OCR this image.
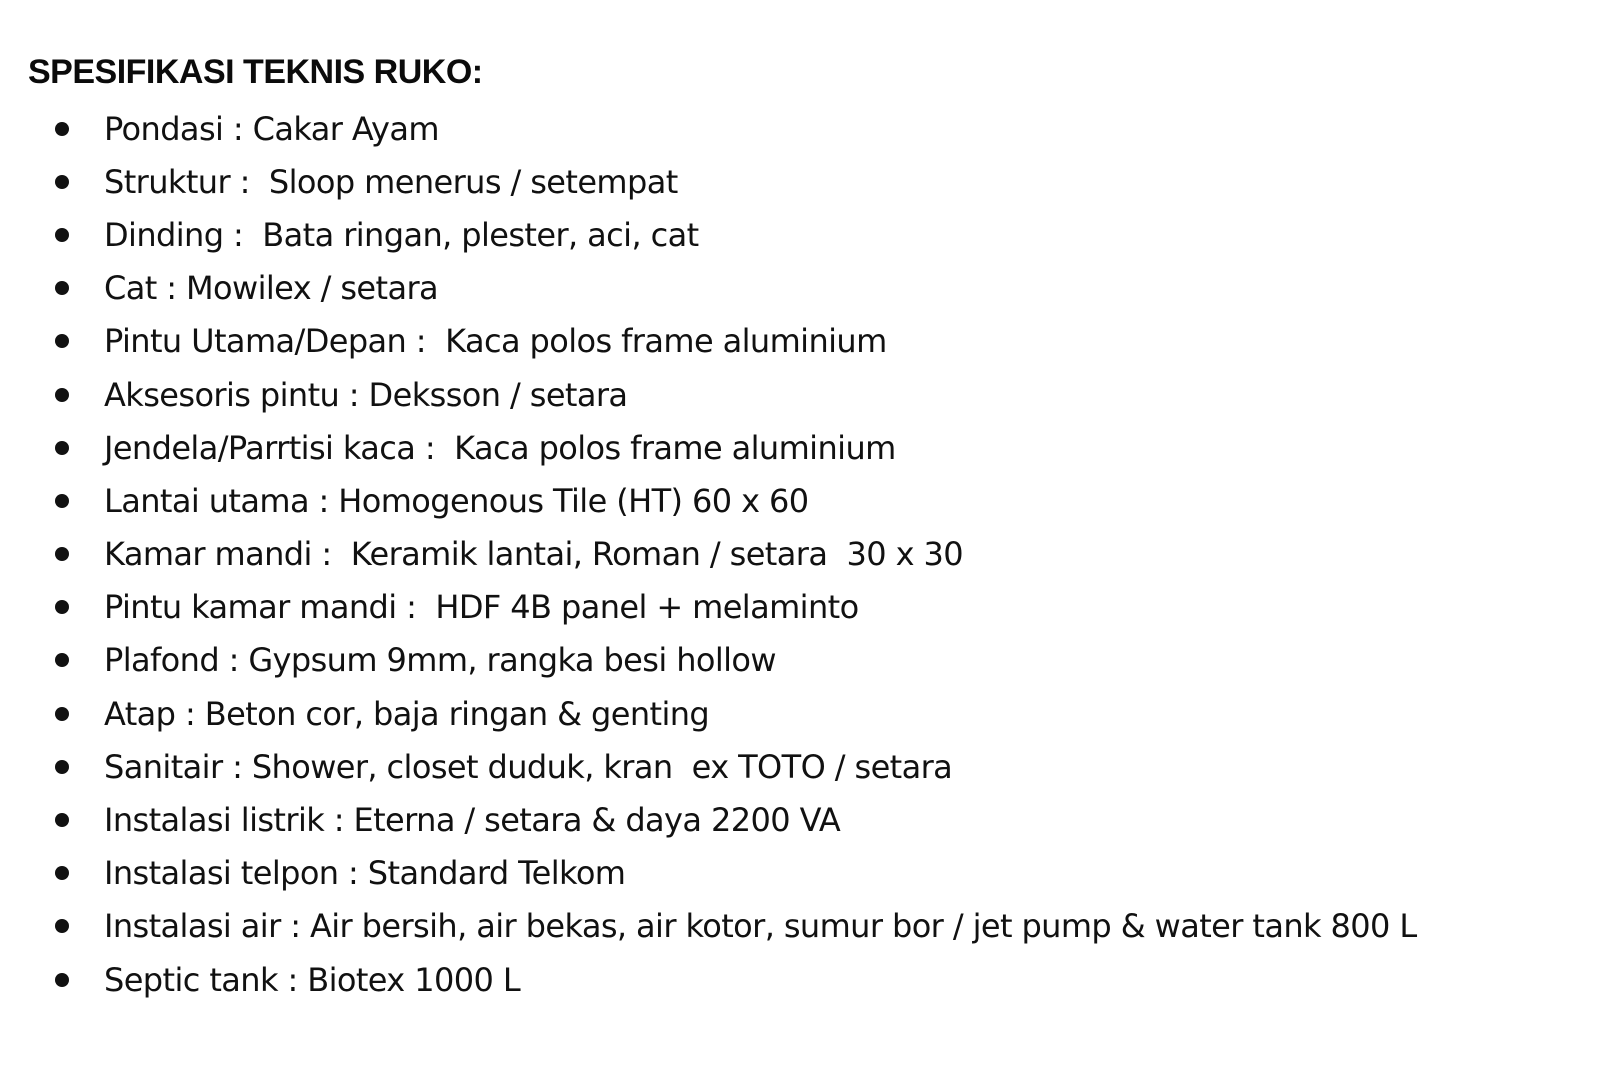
SPESIFIKASI TEKNIS RUKO:
Pondasi : Cakar Ayam
Struktur :  Sloop menerus / setempat
Dinding :  Bata ringan, plester, aci, cat
Cat : Mowilex / setara
Pintu Utama/Depan :  Kaca polos frame aluminium
Aksesoris pintu : Deksson / setara
Jendela/Parrtisi kaca :  Kaca polos frame aluminium
Lantai utama : Homogenous Tile (HT) 60 x 60
Kamar mandi :  Keramik lantai, Roman / setara  30 x 30
Pintu kamar mandi :  HDF 4B panel + melaminto
Plafond : Gypsum 9mm, rangka besi hollow
Atap : Beton cor, baja ringan & genting
Sanitair : Shower, closet duduk, kran  ex TOTO / setara
Instalasi listrik : Eterna / setara & daya 2200 VA
Instalasi telpon : Standard Telkom
Instalasi air : Air bersih, air bekas, air kotor, sumur bor / jet pump & water tank 800 L
Septic tank : Biotex 1000 L
